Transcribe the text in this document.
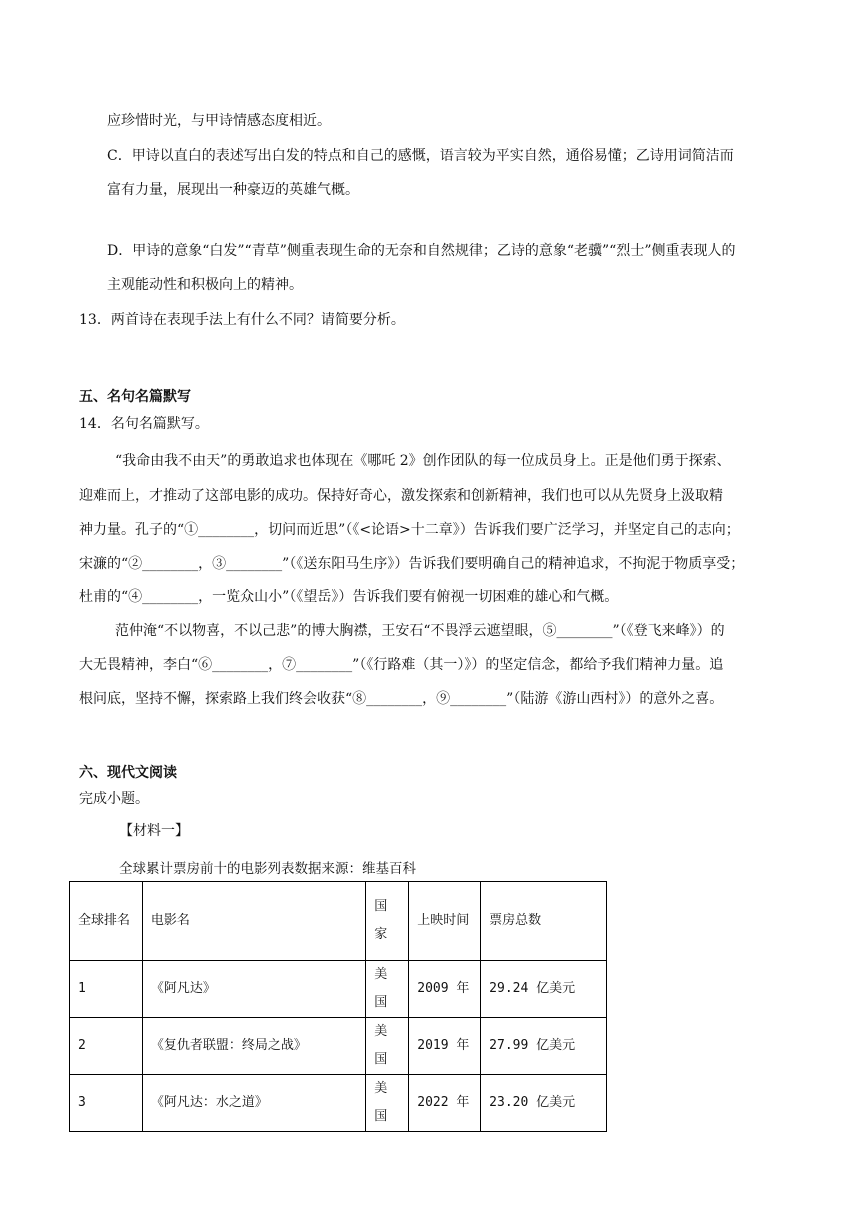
应珍惜时光，与甲诗情感态度相近。
C．甲诗以直白的表述写出白发的特点和自己的感慨，语言较为平实自然，通俗易懂；乙诗用词简洁而
富有力量，展现出一种豪迈的英雄气概。
D．甲诗的意象“白发”“青草”侧重表现生命的无奈和自然规律；乙诗的意象“老骥”“烈士”侧重表现人的
主观能动性和积极向上的精神。
13．两首诗在表现手法上有什么不同？请简要分析。
五、名句名篇默写
14．名句名篇默写。
“我命由我不由天”的勇敢追求也体现在《哪吒 2》创作团队的每一位成员身上。正是他们勇于探索、
迎难而上，才推动了这部电影的成功。保持好奇心，激发探索和创新精神，我们也可以从先贤身上汲取精
神力量。孔子的“①________，切问而近思”（《<论语>十二章》）告诉我们要广泛学习，并坚定自己的志向；
宋濂的“②________，③________”（《送东阳马生序》）告诉我们要明确自己的精神追求，不拘泥于物质享受；
杜甫的“④________，一览众山小”（《望岳》）告诉我们要有俯视一切困难的雄心和气概。
范仲淹“不以物喜，不以己悲”的博大胸襟，王安石“不畏浮云遮望眼，⑤________”（《登飞来峰》）的
大无畏精神，李白“⑥________，⑦________”（《行路难（其一）》）的坚定信念，都给予我们精神力量。追
根问底，坚持不懈，探索路上我们终会收获“⑧________，⑨________”（陆游《游山西村》）的意外之喜。
六、现代文阅读
完成小题。
【材料一】
全球累计票房前十的电影列表数据来源：维基百科
全球排名	电影名	国家	上映时间	票房总数
1	《阿凡达》	美国	2009 年	29.24 亿美元
2	《复仇者联盟：终局之战》	美国	2019 年	27.99 亿美元
3	《阿凡达：水之道》	美国	2022 年	23.20 亿美元
